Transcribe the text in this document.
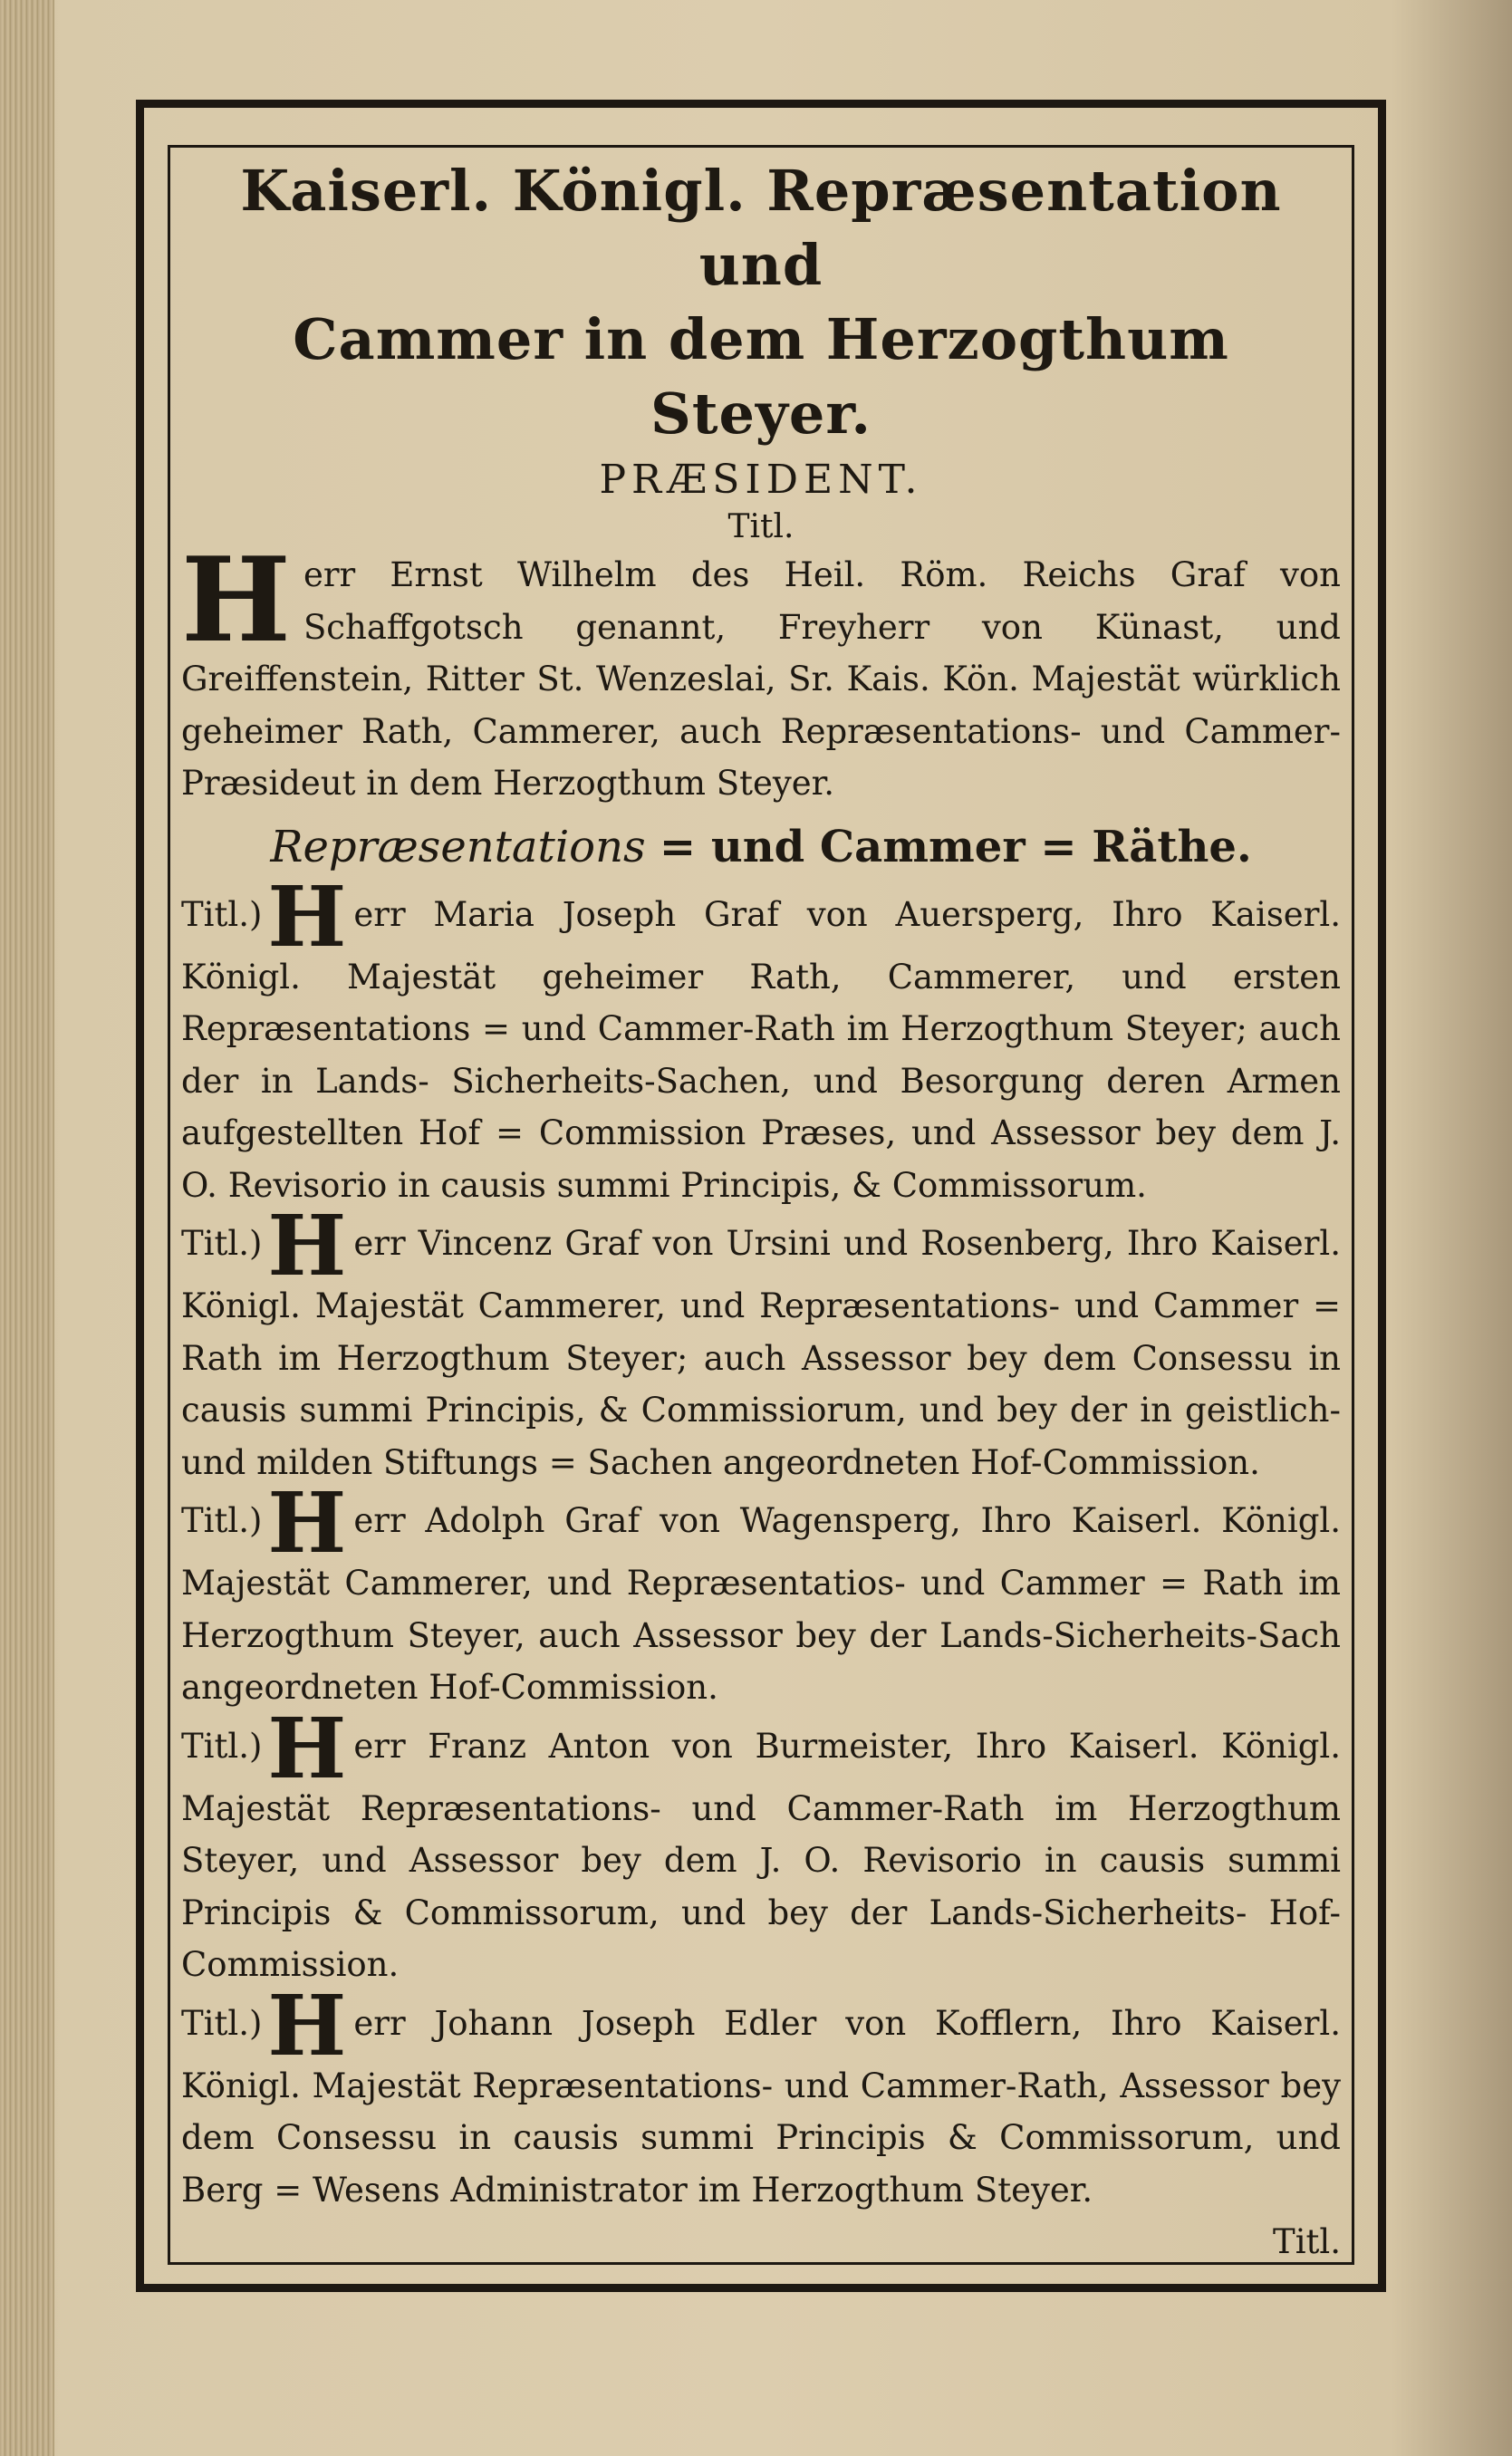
Kaiserl. Königl. Repræsentation und

Cammer in dem Herzogthum Steyer.

PRÆSIDENT.

Titl.

Herr Ernst Wilhelm des Heil. Röm. Reichs Graf von Schaffgotsch genannt, Freyherr von Künast, und Greiffenstein, Ritter St. Wenzeslai, Sr. Kais. Kön. Majestät würklich geheimer Rath, Cammerer, auch Repræsentations- und Cammer-Præsideut in dem Herzogthum Steyer.

Repræsentations = und Cammer = Räthe.

Titl.)H err Maria Joseph Graf von Auersperg, Ihro Kaiserl. Königl. Majestät geheimer Rath, Cammerer, und ersten Repræsentations = und Cammer-Rath im Herzogthum Steyer; auch der in Lands- Sicherheits-Sachen, und Besorgung deren Armen aufgestellten Hof = Commission Præses, und Assessor bey dem J. O. Revisorio in causis summi Principis, & Commissorum.

Titl.)H err Vincenz Graf von Ursini und Rosenberg, Ihro Kaiserl. Königl. Majestät Cammerer, und Repræsentations- und Cammer = Rath im Herzogthum Steyer; auch Assessor bey dem Consessu in causis summi Principis, & Commissiorum, und bey der in geistlich- und milden Stiftungs = Sachen angeordneten Hof-Commission.

Titl.)H err Adolph Graf von Wagensperg, Ihro Kaiserl. Königl. Majestät Cammerer, und Repræsentatios- und Cammer = Rath im Herzogthum Steyer, auch Assessor bey der Lands-Sicherheits-Sach angeordneten Hof-Commission.

Titl.)H err Franz Anton von Burmeister, Ihro Kaiserl. Königl. Majestät Repræsentations- und Cammer-Rath im Herzogthum Steyer, und Assessor bey dem J. O. Revisorio in causis summi Principis & Commissorum, und bey der Lands-Sicherheits- Hof-Commission.

Titl.)H err Johann Joseph Edler von Kofflern, Ihro Kaiserl. Königl. Majestät Repræsentations- und Cammer-Rath, Assessor bey dem Consessu in causis summi Principis & Commissorum, und Berg = Wesens Administrator im Herzogthum Steyer.

Titl.
